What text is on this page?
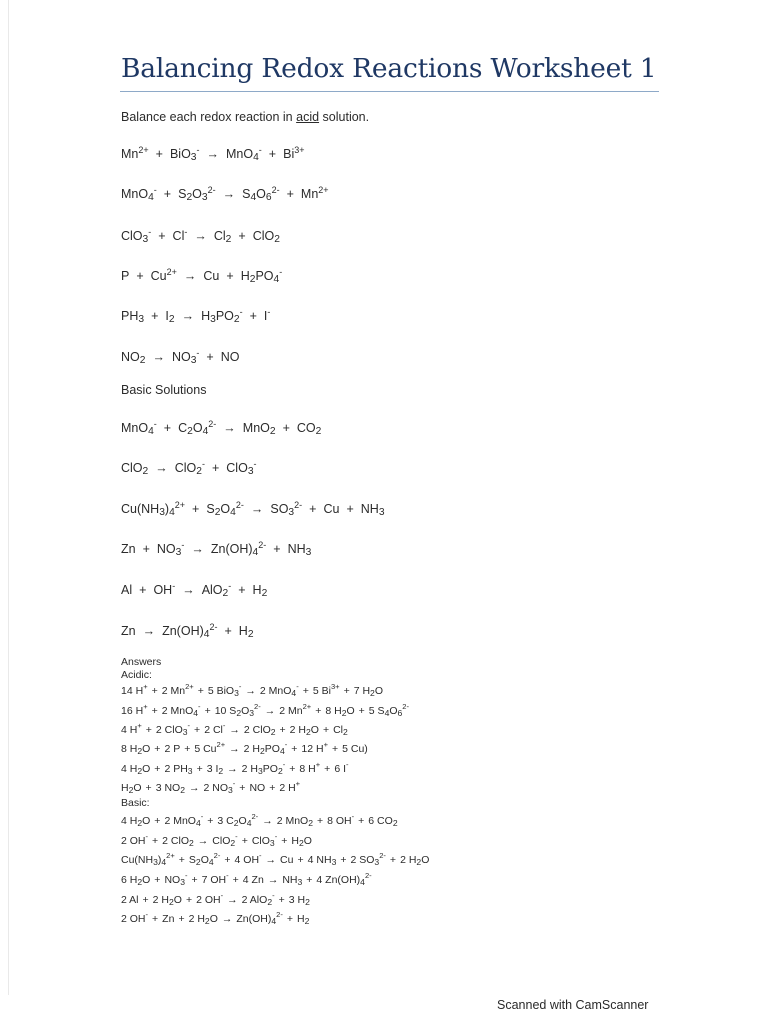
Balancing Redox Reactions Worksheet 1
Balance each redox reaction in acid solution.
$Mn^{2+} + BiO_3^- \to MnO_4^- + Bi^{3+}$
$MnO_4^- + S_2O_3^{2-} \to S_4O_6^{2-} + Mn^{2+}$
$ClO_3^- + Cl^- \to Cl_2 + ClO_2$
$P + Cu^{2+} \to Cu + H_2PO_4^-$
$PH_3 + I_2 \to H_3PO_2^- + I^-$
$NO_2 \to NO_3^-$ + NO
Basic Solutions
$MnO_4^- + C_2O_4^{2-} \to MnO_2 + CO_2$
ClO$_2$ → ClO$_2$- + ClO$_3$-
$Cu(NH_3)_4^{2+} + S_2O_4^{2-} \to SO_3^{2-} + Cu + NH_3$
$Zn + NO_3^- \to Zn(OH)_4^{2-} + NH_3$
$Al + OH^- \to AlO_2^- + H_2$
$Zn \to Zn(OH)_4^{2-} + H_2$
Answers
Acidic:
14 H+ + 2 $Mn^{2+} + 5$ BiO$_3$- → 2 MnO$_4$- + 5 $Bi^{3+} + 7$ $H_2O$
16 H+ + 2 MnO$_4$- + 10 $S_2O_3^{2-} \to 2$ $Mn^{2+} + 8$ $H_2O + 5$ $S_4O_6^{2-}$
4 H+ + 2 ClO$_3$- + 2 Cl- → 2 ClO$_2$ + 2 $H_2O + Cl_2$
8 $H_2O + 2$ P + 5 $Cu^{2+} \to 2$ $H_2PO_4^- + 12$ H+ + 5 Cu)
4 $H_2O + 2$ $PH_3 + 3$ $I_2 \to 2$ $H_3PO_2^- + 8$ H+ + 6 I-
$H_2O + 3$ $NO_2 \to 2$ $NO_3^-$ + NO + 2 H+
Basic:
4 $H_2O + 2$ MnO$_4$- + 3 $C_2O_4^{2-} \to 2$ MnO$_2$ + 8 OH- + 6 $CO_2$
2 OH- + 2 $ClO_2 \to ClO_2^- + ClO_3^- + H_2O$
$Cu(NH_3)_4^{2+} + S_2O_4^{2-} + 4$ OH- → Cu + 4 $NH_3 + 2$ $SO_3^{2-} + 2$ $H_2O$
6 $H_2O + NO_3^- + 7$ OH- + 4 $Zn \to NH_3 + 4$ $Zn(OH)_4^{2-}$
2 Al + 2 $H_2O + 2$ OH- → 2 AlO$_2$- + 3 $H_2$
2 OH- + Zn + 2 $H_2O \to Zn(OH)_4^{2-} + H_2$
Scanned with CamScanner
